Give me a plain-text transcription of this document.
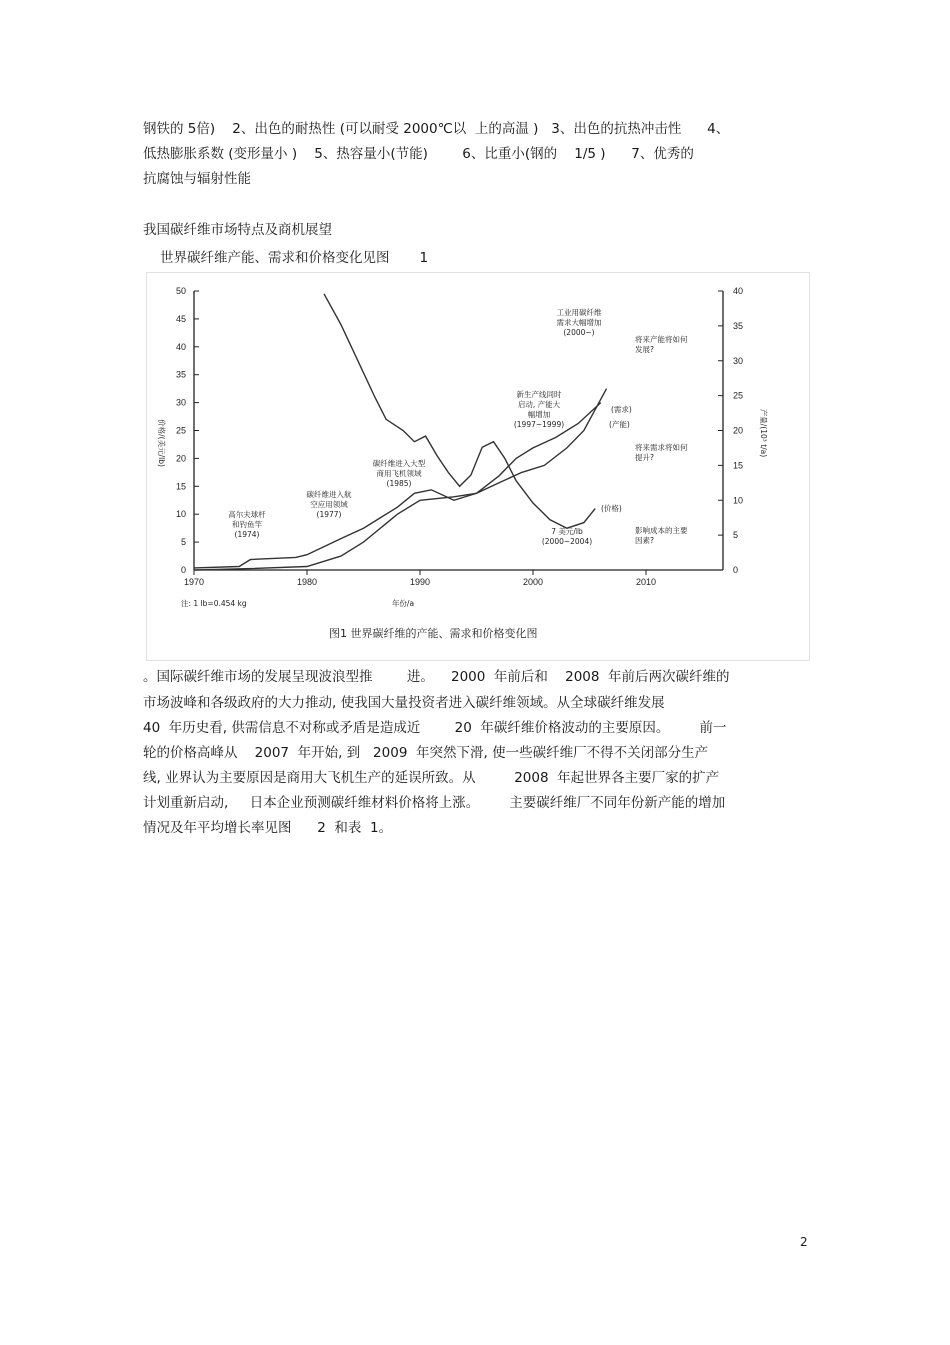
钢铁的 5倍)    2、出色的耐热性 (可以耐受 2000℃以  上的高温 )   3、出色的抗热冲击性      4、
低热膨胀系数 (变形量小 )    5、热容量小(节能)        6、比重小(钢的    1/5 )      7、优秀的
抗腐蚀与辐射性能
我国碳纤维市场特点及商机展望
世界碳纤维产能、需求和价格变化见图       1
0
5
10
15
20
25
30
35
40
45
50
0
5
10
15
20
25
30
35
40
1970	1980	1990	2000	2010
高尔夫球杆和钓鱼竿(1974)
碳纤维进入航空应用领域(1977)
碳纤维进入大型商用飞机领域(1985)
新生产线同时启动, 产能大幅增加(1997~1999)
工业用碳纤维需求大幅增加(2000~)
将来产能将如何发展?
将来需求将如何提升?
影响成本的主要因素?
7 美元/lb (2000~2004)
(需求)
(产能)
(价格)
价格/(美元/lb)	产量/(10³ t/a)
年份/a
注: 1 lb=0.454 kg
图1 世界碳纤维的产能、需求和价格变化图
。国际碳纤维市场的发展呈现波浪型推        进。    2000  年前后和    2008  年前后两次碳纤维的
市场波峰和各级政府的大力推动, 使我国大量投资者进入碳纤维领域。从全球碳纤维发展
40  年历史看, 供需信息不对称或矛盾是造成近        20  年碳纤维价格波动的主要原因。       前一
轮的价格高峰从    2007  年开始, 到   2009  年突然下滑, 使一些碳纤维厂不得不关闭部分生产
线, 业界认为主要原因是商用大飞机生产的延误所致。从         2008  年起世界各主要厂家的扩产
计划重新启动,     日本企业预测碳纤维材料价格将上涨。       主要碳纤维厂不同年份新产能的增加
情况及年平均增长率见图      2  和表  1。
2
